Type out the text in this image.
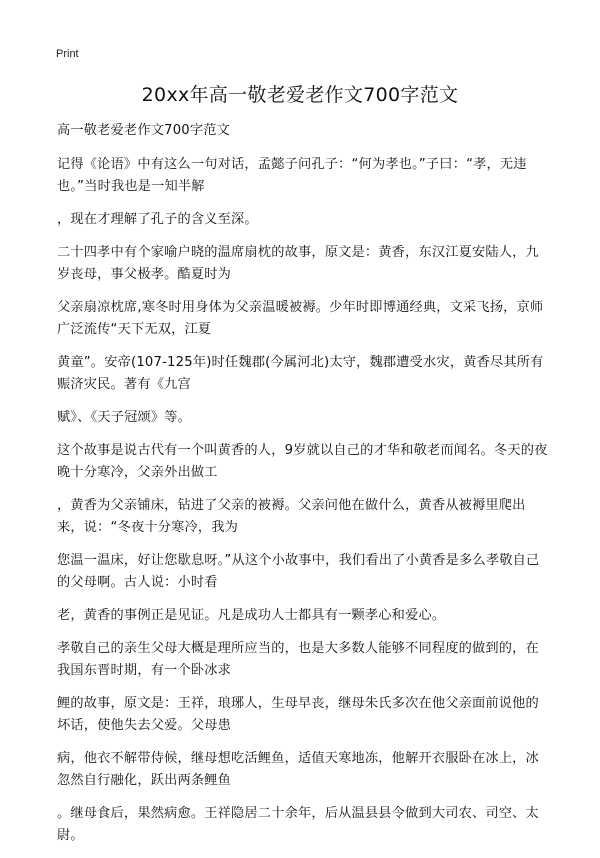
Print
20xx年高一敬老爱老作文700字范文

高一敬老爱老作文700字范文

记得《论语》中有这么一句对话，孟懿子问孔子：“何为孝也。”子曰：“孝，无违也。”当时我也是一知半解

，现在才理解了孔子的含义至深。

二十四孝中有个家喻户晓的温席扇枕的故事，原文是：黄香，东汉江夏安陆人，九岁丧母，事父极孝。酷夏时为

父亲扇凉枕席,寒冬时用身体为父亲温暖被褥。少年时即博通经典，文采飞扬，京师广泛流传“天下无双，江夏

黄童”。安帝(107-125年)时任魏郡(今属河北)太守，魏郡遭受水灾，黄香尽其所有赈济灾民。著有《九宫

赋》、《天子冠颂》等。

这个故事是说古代有一个叫黄香的人，9岁就以自己的才华和敬老而闻名。冬天的夜晚十分寒冷，父亲外出做工

，黄香为父亲铺床，钻进了父亲的被褥。父亲问他在做什么，黄香从被褥里爬出来，说：“冬夜十分寒冷，我为

您温一温床，好让您歇息呀。”从这个小故事中，我们看出了小黄香是多么孝敬自己的父母啊。古人说：小时看

老，黄香的事例正是见证。凡是成功人士都具有一颗孝心和爱心。

孝敬自己的亲生父母大概是理所应当的，也是大多数人能够不同程度的做到的，在我国东晋时期，有一个卧冰求

鲤的故事，原文是：王祥，琅琊人，生母早丧，继母朱氏多次在他父亲面前说他的坏话，使他失去父爱。父母患

病，他衣不解带侍候，继母想吃活鲤鱼，适值天寒地冻，他解开衣服卧在冰上，冰忽然自行融化，跃出两条鲤鱼

。继母食后，果然病愈。王祥隐居二十余年，后从温县县令做到大司农、司空、太尉。
